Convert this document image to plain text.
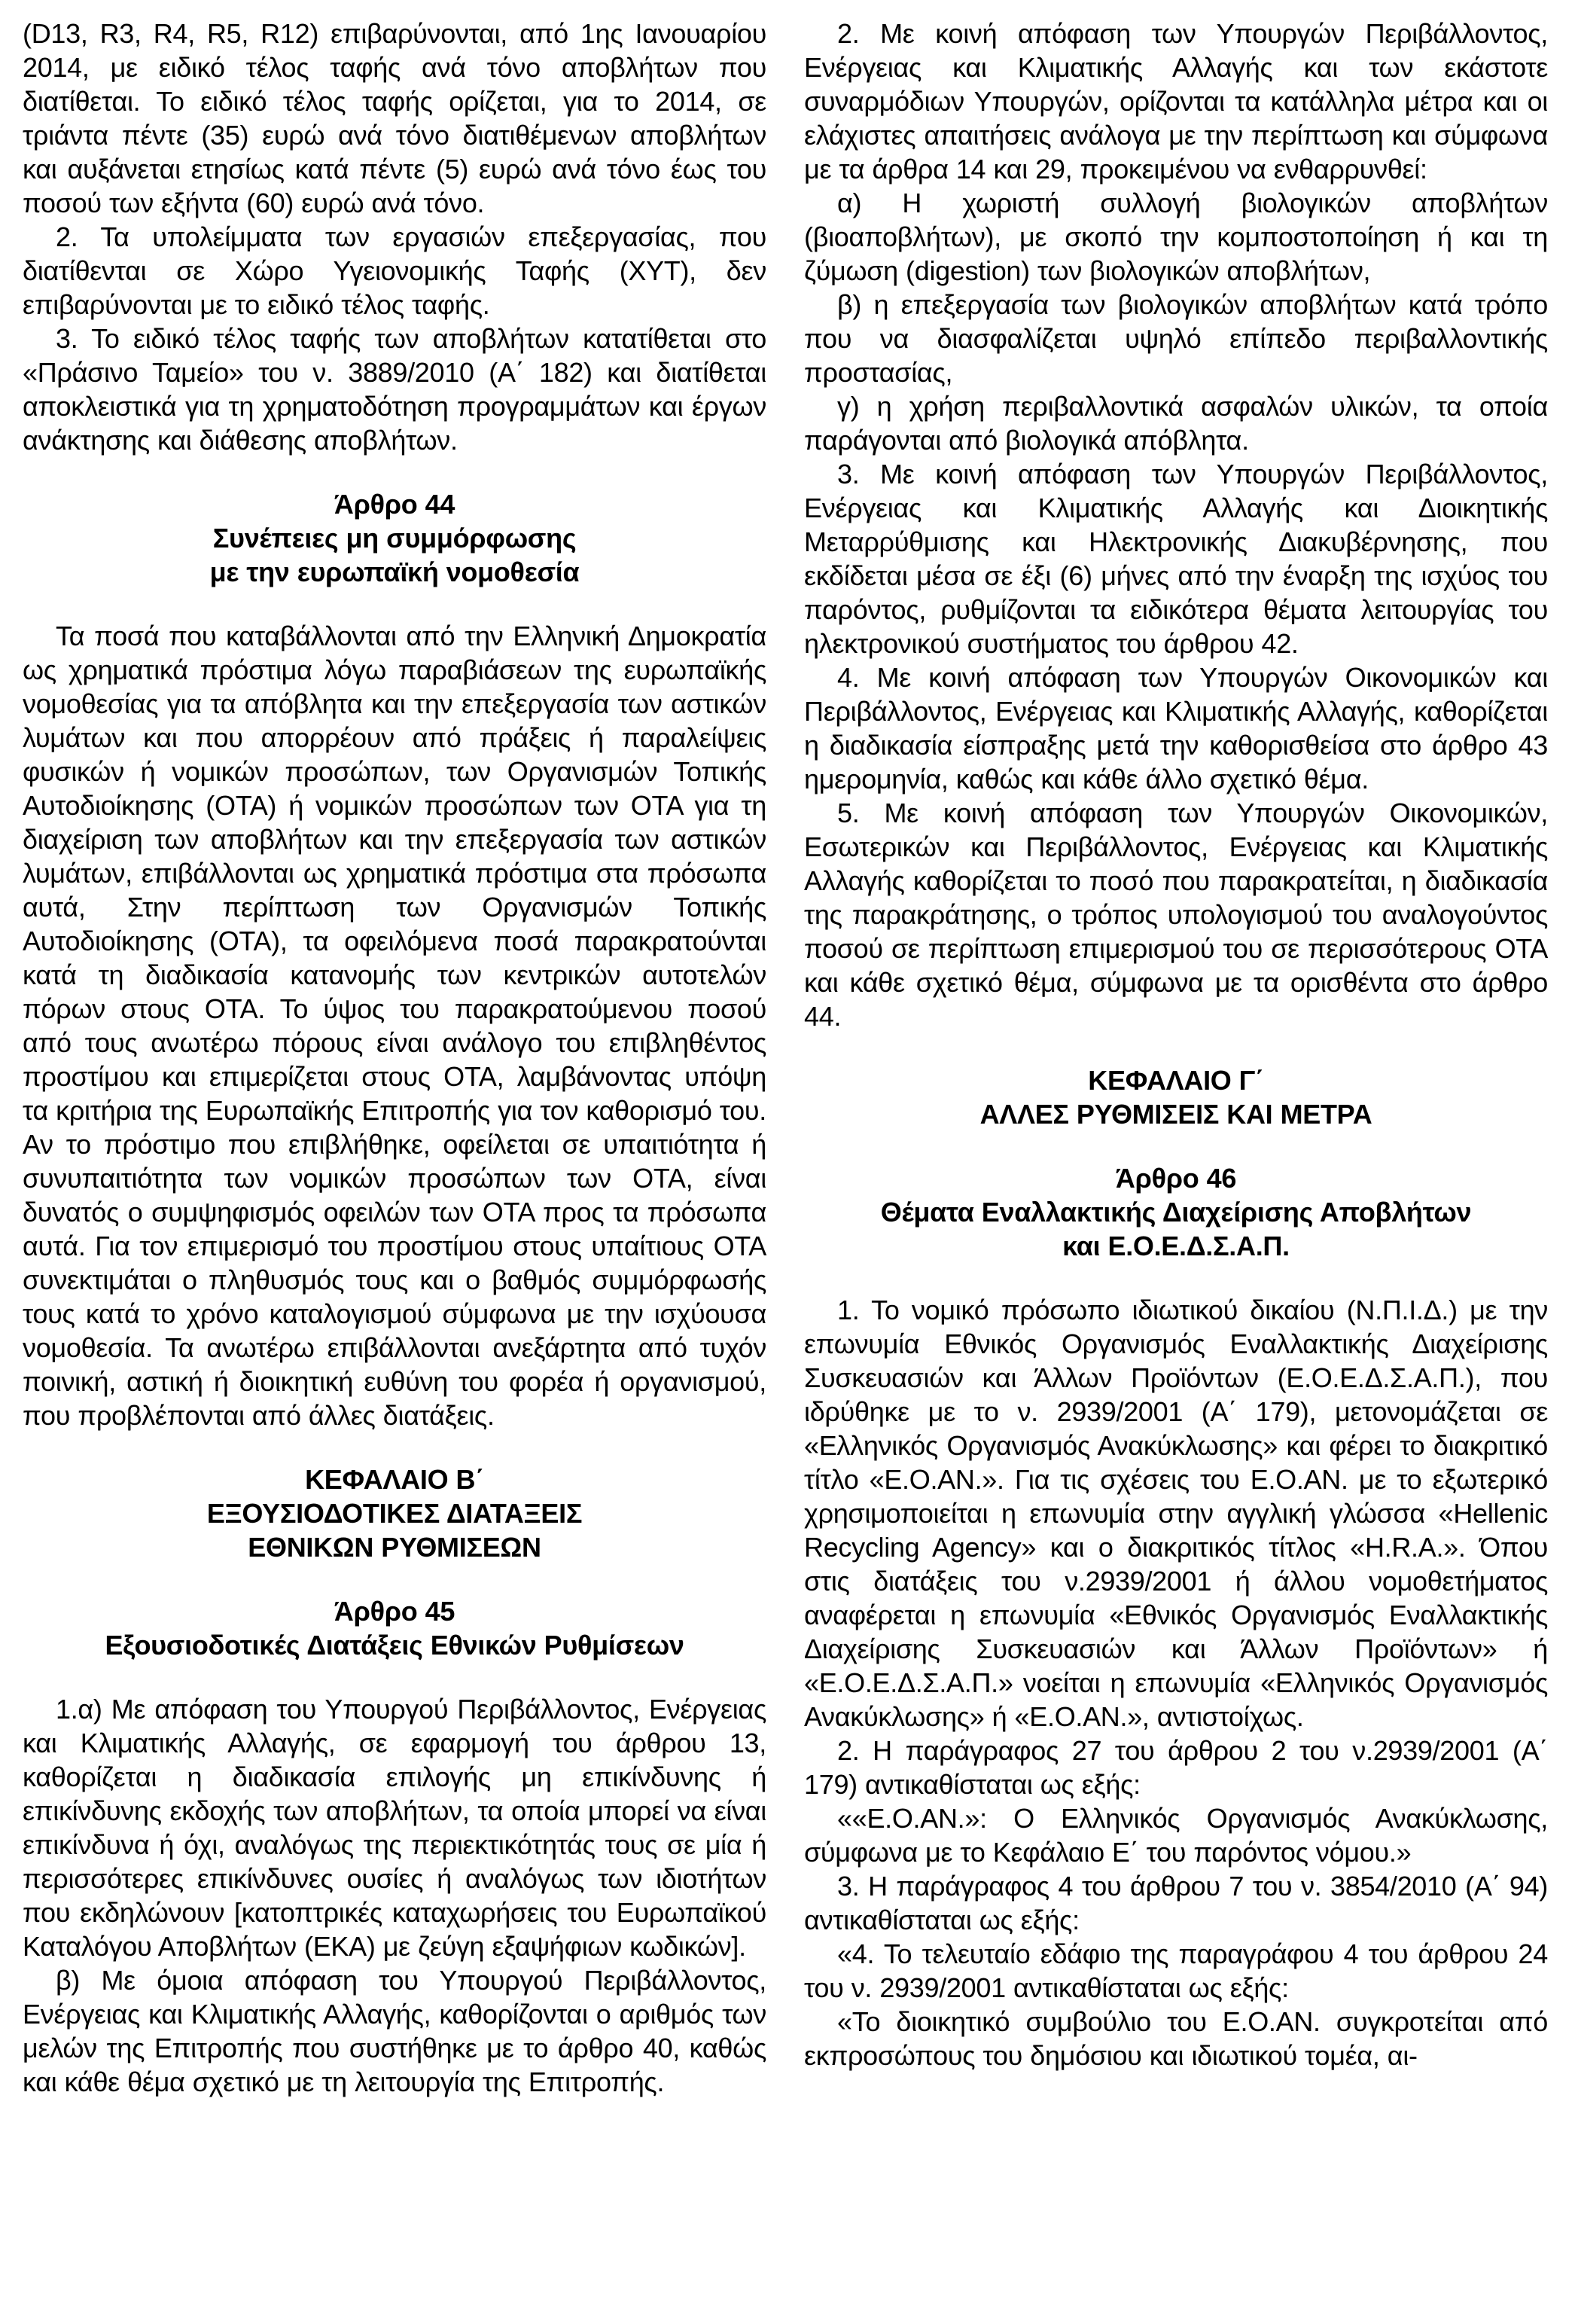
(D13, R3, R4, R5, R12) επιβαρύνονται, από 1ης Ιανουαρίου 2014, με ειδικό τέλος ταφής ανά τόνο αποβλήτων που διατίθεται. Το ειδικό τέλος ταφής ορίζεται, για το 2014, σε τριάντα πέντε (35) ευρώ ανά τόνο διατιθέμενων αποβλήτων και αυξάνεται ετησίως κατά πέντε (5) ευρώ ανά τόνο έως του ποσού των εξήντα (60) ευρώ ανά τόνο.

2. Τα υπολείμματα των εργασιών επεξεργασίας, που διατίθενται σε Χώρο Υγειονομικής Ταφής (ΧΥΤ), δεν επιβαρύνονται με το ειδικό τέλος ταφής.

3. Το ειδικό τέλος ταφής των αποβλήτων κατατίθεται στο «Πράσινο Ταμείο» του ν. 3889/2010 (Α΄ 182) και διατίθεται αποκλειστικά για τη χρηματοδότηση προγραμμάτων και έργων ανάκτησης και διάθεσης αποβλήτων.

Άρθρο 44
Συνέπειες μη συμμόρφωσης
με την ευρωπαϊκή νομοθεσία

Τα ποσά που καταβάλλονται από την Ελληνική Δημοκρατία ως χρηματικά πρόστιμα λόγω παραβιάσεων της ευρωπαϊκής νομοθεσίας για τα απόβλητα και την επεξεργασία των αστικών λυμάτων και που απορρέουν από πράξεις ή παραλείψεις φυσικών ή νομικών προσώπων, των Οργανισμών Τοπικής Αυτοδιοίκησης (ΟΤΑ) ή νομικών προσώπων των ΟΤΑ για τη διαχείριση των αποβλήτων και την επεξεργασία των αστικών λυμάτων, επιβάλλονται ως χρηματικά πρόστιμα στα πρόσωπα αυτά, Στην περίπτωση των Οργανισμών Τοπικής Αυτοδιοίκησης (ΟΤΑ), τα οφειλόμενα ποσά παρακρατούνται κατά τη διαδικασία κατανομής των κεντρικών αυτοτελών πόρων στους ΟΤΑ. Το ύψος του παρακρατούμενου ποσού από τους ανωτέρω πόρους είναι ανάλογο του επιβληθέντος προστίμου και επιμερίζεται στους ΟΤΑ, λαμβάνοντας υπόψη τα κριτήρια της Ευρωπαϊκής Επιτροπής για τον καθορισμό του. Αν το πρόστιμο που επιβλήθηκε, οφείλεται σε υπαιτιότητα ή συνυπαιτιότητα των νομικών προσώπων των ΟΤΑ, είναι δυνατός ο συμψηφισμός οφειλών των ΟΤΑ προς τα πρόσωπα αυτά. Για τον επιμερισμό του προστίμου στους υπαίτιους ΟΤΑ συνεκτιμάται ο πληθυσμός τους και ο βαθμός συμμόρφωσής τους κατά το χρόνο καταλογισμού σύμφωνα με την ισχύουσα νομοθεσία. Τα ανωτέρω επιβάλλονται ανεξάρτητα από τυχόν ποινική, αστική ή διοικητική ευθύνη του φορέα ή οργανισμού, που προβλέπονται από άλλες διατάξεις.

ΚΕΦΑΛΑΙΟ Β΄
ΕΞΟΥΣΙΟΔΟΤΙΚΕΣ ΔΙΑΤΑΞΕΙΣ
ΕΘΝΙΚΩΝ ΡΥΘΜΙΣΕΩΝ
Άρθρο 45
Εξουσιοδοτικές Διατάξεις Εθνικών Ρυθμίσεων

1.α) Με απόφαση του Υπουργού Περιβάλλοντος, Ενέργειας και Κλιματικής Αλλαγής, σε εφαρμογή του άρθρου 13, καθορίζεται η διαδικασία επιλογής μη επικίνδυνης ή επικίνδυνης εκδοχής των αποβλήτων, τα οποία μπορεί να είναι επικίνδυνα ή όχι, αναλόγως της περιεκτικότητάς τους σε μία ή περισσότερες επικίνδυνες ουσίες ή αναλόγως των ιδιοτήτων που εκδηλώνουν [κατοπτρικές καταχωρήσεις του Ευρωπαϊκού Καταλόγου Αποβλήτων (ΕΚΑ) με ζεύγη εξαψήφιων κωδικών].

β) Με όμοια απόφαση του Υπουργού Περιβάλλοντος, Ενέργειας και Κλιματικής Αλλαγής, καθορίζονται ο αριθμός των μελών της Επιτροπής που συστήθηκε με το άρθρο 40, καθώς και κάθε θέμα σχετικό με τη λειτουργία της Επιτροπής.

2. Με κοινή απόφαση των Υπουργών Περιβάλλοντος, Ενέργειας και Κλιματικής Αλλαγής και των εκάστοτε συναρμόδιων Υπουργών, ορίζονται τα κατάλληλα μέτρα και οι ελάχιστες απαιτήσεις ανάλογα με την περίπτωση και σύμφωνα με τα άρθρα 14 και 29, προκειμένου να ενθαρρυνθεί:

α) Η χωριστή συλλογή βιολογικών αποβλήτων (βιοαποβλήτων), με σκοπό την κομποστοποίηση ή και τη ζύμωση (digestion) των βιολογικών αποβλήτων,

β) η επεξεργασία των βιολογικών αποβλήτων κατά τρόπο που να διασφαλίζεται υψηλό επίπεδο περιβαλλοντικής προστασίας,

γ) η χρήση περιβαλλοντικά ασφαλών υλικών, τα οποία παράγονται από βιολογικά απόβλητα.

3. Με κοινή απόφαση των Υπουργών Περιβάλλοντος, Ενέργειας και Κλιματικής Αλλαγής και Διοικητικής Μεταρρύθμισης και Ηλεκτρονικής Διακυβέρνησης, που εκδίδεται μέσα σε έξι (6) μήνες από την έναρξη της ισχύος του παρόντος, ρυθμίζονται τα ειδικότερα θέματα λειτουργίας του ηλεκτρονικού συστήματος του άρθρου 42.

4. Με κοινή απόφαση των Υπουργών Οικονομικών και Περιβάλλοντος, Ενέργειας και Κλιματικής Αλλαγής, καθορίζεται η διαδικασία είσπραξης μετά την καθορισθείσα στο άρθρο 43 ημερομηνία, καθώς και κάθε άλλο σχετικό θέμα.

5. Με κοινή απόφαση των Υπουργών Οικονομικών, Εσωτερικών και Περιβάλλοντος, Ενέργειας και Κλιματικής Αλλαγής καθορίζεται το ποσό που παρακρατείται, η διαδικασία της παρακράτησης, ο τρόπος υπολογισμού του αναλογούντος ποσού σε περίπτωση επιμερισμού του σε περισσότερους ΟΤΑ και κάθε σχετικό θέμα, σύμφωνα με τα ορισθέντα στο άρθρο 44.

ΚΕΦΑΛΑΙΟ Γ΄
ΑΛΛΕΣ ΡΥΘΜΙΣΕΙΣ ΚΑΙ ΜΕΤΡΑ
Άρθρο 46
Θέματα Εναλλακτικής Διαχείρισης Αποβλήτων
και Ε.Ο.Ε.Δ.Σ.Α.Π.

1. Το νομικό πρόσωπο ιδιωτικού δικαίου (Ν.Π.Ι.Δ.) με την επωνυμία Εθνικός Οργανισμός Εναλλακτικής Διαχείρισης Συσκευασιών και Άλλων Προϊόντων (Ε.Ο.Ε.Δ.Σ.Α.Π.), που ιδρύθηκε με το ν. 2939/2001 (Α΄ 179), μετονομάζεται σε «Ελληνικός Οργανισμός Ανακύκλωσης» και φέρει το διακριτικό τίτλο «Ε.Ο.ΑΝ.». Για τις σχέσεις του Ε.Ο.ΑΝ. με το εξωτερικό χρησιμοποιείται η επωνυμία στην αγγλική γλώσσα «Hellenic Recycling Agency» και ο διακριτικός τίτλος «H.R.A.». Όπου στις διατάξεις του ν.2939/2001 ή άλλου νομοθετήματος αναφέρεται η επωνυμία «Εθνικός Οργανισμός Εναλλακτικής Διαχείρισης Συσκευασιών και Άλλων Προϊόντων» ή «Ε.Ο.Ε.Δ.Σ.Α.Π.» νοείται η επωνυμία «Ελληνικός Οργανισμός Ανακύκλωσης» ή «Ε.Ο.ΑΝ.», αντιστοίχως.

2. Η παράγραφος 27 του άρθρου 2 του ν.2939/2001 (Α΄ 179) αντικαθίσταται ως εξής:

««Ε.Ο.ΑΝ.»: Ο Ελληνικός Οργανισμός Ανακύκλωσης, σύμφωνα με το Κεφάλαιο Ε΄ του παρόντος νόμου.»

3. Η παράγραφος 4 του άρθρου 7 του ν. 3854/2010 (Α΄ 94) αντικαθίσταται ως εξής:

«4. Το τελευταίο εδάφιο της παραγράφου 4 του άρθρου 24 του ν. 2939/2001 αντικαθίσταται ως εξής:

«Το διοικητικό συμβούλιο του Ε.Ο.ΑΝ. συγκροτείται από εκπροσώπους του δημόσιου και ιδιωτικού τομέα, αι-
